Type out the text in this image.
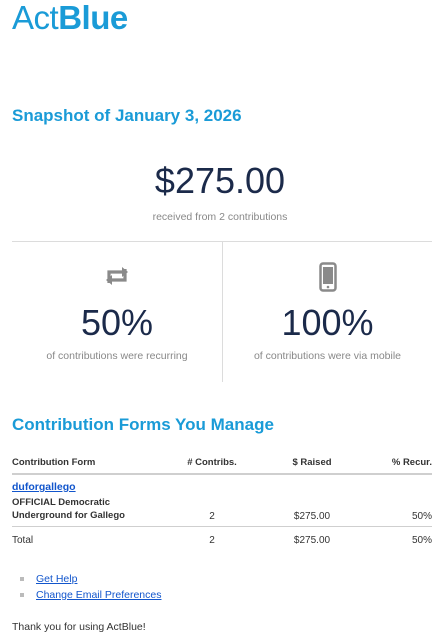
ActBlue
Snapshot of January 3, 2026
$275.00
received from 2 contributions
50%
of contributions were recurring
100%
of contributions were via mobile
Contribution Forms You Manage
Contribution Form	# Contribs.	$ Raised	% Recur.

duforgallego
OFFICIAL Democratic Underground for Gallego	2	$275.00	50%
Total	2	$275.00	50%
Get Help
Change Email Preferences
Thank you for using ActBlue!
